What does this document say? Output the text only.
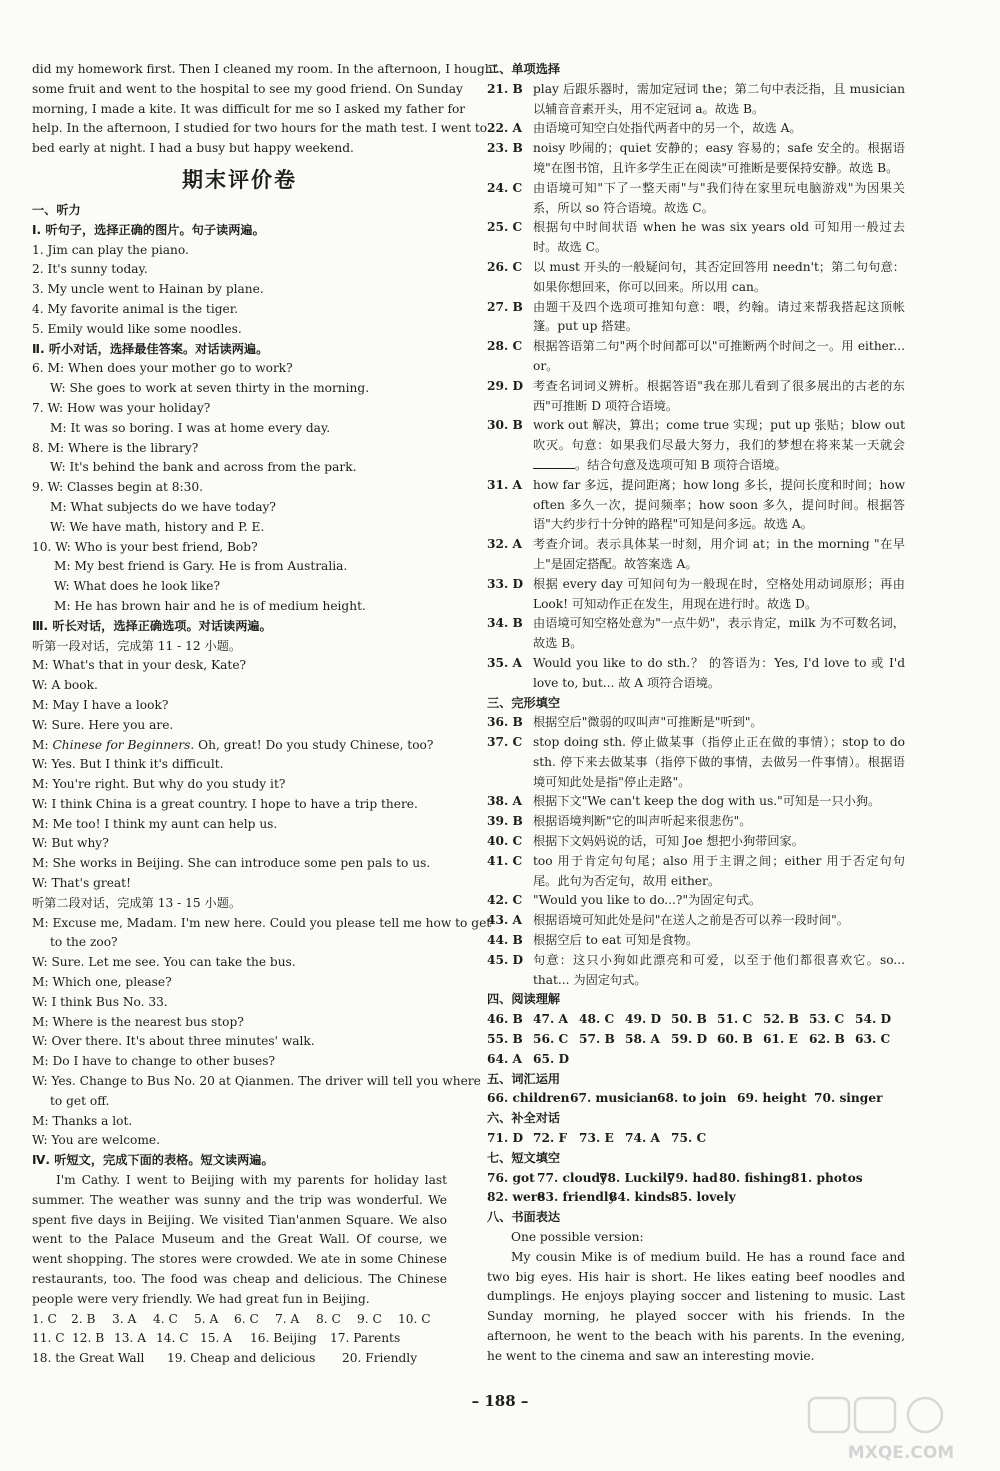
did my homework first. Then I cleaned my room. In the afternoon, I hought
some fruit and went to the hospital to see my good friend. On Sunday
morning, I made a kite. It was difficult for me so I asked my father for
help. In the afternoon, I studied for two hours for the math test. I went to
bed early at night. I had a busy but happy weekend.
期末评价卷
一、听力
Ⅰ. 听句子，选择正确的图片。句子读两遍。
1. Jim can play the piano.
2. It's sunny today.
3. My uncle went to Hainan by plane.
4. My favorite animal is the tiger.
5. Emily would like some noodles.
Ⅱ. 听小对话，选择最佳答案。对话读两遍。
6. M: When does your mother go to work?
W: She goes to work at seven thirty in the morning.
7. W: How was your holiday?
M: It was so boring. I was at home every day.
8. M: Where is the library?
W: It's behind the bank and across from the park.
9. W: Classes begin at 8:30.
M: What subjects do we have today?
W: We have math, history and P. E.
10. W: Who is your best friend, Bob?
M: My best friend is Gary. He is from Australia.
W: What does he look like?
M: He has brown hair and he is of medium height.
Ⅲ. 听长对话，选择正确选项。对话读两遍。
听第一段对话，完成第 11 - 12 小题。
M: What's that in your desk, Kate?
W: A book.
M: May I have a look?
W: Sure. Here you are.
M: Chinese for Beginners. Oh, great! Do you study Chinese, too?
W: Yes. But I think it's difficult.
M: You're right. But why do you study it?
W: I think China is a great country. I hope to have a trip there.
M: Me too! I think my aunt can help us.
W: But why?
M: She works in Beijing. She can introduce some pen pals to us.
W: That's great!
听第二段对话，完成第 13 - 15 小题。
M: Excuse me, Madam. I'm new here. Could you please tell me how to get
to the zoo?
W: Sure. Let me see. You can take the bus.
M: Which one, please?
W: I think Bus No. 33.
M: Where is the nearest bus stop?
W: Over there. It's about three minutes' walk.
M: Do I have to change to other buses?
W: Yes. Change to Bus No. 20 at Qianmen. The driver will tell you where
to get off.
M: Thanks a lot.
W: You are welcome.
Ⅳ. 听短文，完成下面的表格。短文读两遍。
I'm Cathy. I went to Beijing with my parents for holiday last summer. The weather was sunny and the trip was wonderful. We spent five days in Beijing. We visited Tian'anmen Square. We also went to the Palace Museum and the Great Wall. Of course, we went shopping. The stores were crowded. We ate in some Chinese restaurants, too. The food was cheap and delicious. The Chinese people were very friendly. We had great fun in Beijing.
1. C	2. B	3. A	4. C	5. A	6. C	7. A	8. C	9. C	10. C
11. C 12. B 13. A 14. C 15. A	16. Beijing	17. Parents
18. the Great Wall	19. Cheap and delicious	20. Friendly
二、单项选择
21. B play 后跟乐器时，需加定冠词 the；第二句中表泛指，且 musician 以辅音音素开头，用不定冠词 a。故选 B。
22. A 由语境可知空白处指代两者中的另一个，故选 A。
23. B noisy 吵闹的；quiet 安静的；easy 容易的；safe 安全的。根据语境"在图书馆，且许多学生正在阅读"可推断是要保持安静。故选 B。
24. C 由语境可知"下了一整天雨"与"我们待在家里玩电脑游戏"为因果关系，所以 so 符合语境。故选 C。
25. C 根据句中时间状语 when he was six years old 可知用一般过去时。故选 C。
26. C 以 must 开头的一般疑问句，其否定回答用 needn't；第二句句意：如果你想回来，你可以回来。所以用 can。
27. B 由题干及四个选项可推知句意：喂，约翰。请过来帮我搭起这顶帐篷。put up 搭建。
28. C 根据答语第二句"两个时间都可以"可推断两个时间之一。用 either... or。
29. D 考查名词词义辨析。根据答语"我在那儿看到了很多展出的古老的东西"可推断 D 项符合语境。
30. B work out 解决，算出；come true 实现；put up 张贴；blow out 吹灭。句意：如果我们尽最大努力，我们的梦想在将来某一天就会 。结合句意及选项可知 B 项符合语境。
31. A how far 多远，提问距离；how long 多长，提问长度和时间；how often 多久一次，提问频率；how soon 多久，提问时间。根据答语"大约步行十分钟的路程"可知是问多远。故选 A。
32. A 考查介词。表示具体某一时刻，用介词 at；in the morning "在早上"是固定搭配。故答案选 A。
33. D 根据 every day 可知问句为一般现在时，空格处用动词原形；再由 Look! 可知动作正在发生，用现在进行时。故选 D。
34. B 由语境可知空格处意为"一点牛奶"，表示肯定，milk 为不可数名词，故选 B。
35. A Would you like to do sth.？ 的答语为：Yes, I'd love to 或 I'd love to, but... 故 A 项符合语境。
三、完形填空
36. B 根据空后"微弱的叹叫声"可推断是"听到"。
37. C stop doing sth. 停止做某事（指停止正在做的事情）；stop to do sth. 停下来去做某事（指停下做的事情，去做另一件事情）。根据语境可知此处是指"停止走路"。
38. A 根据下文"We can't keep the dog with us."可知是一只小狗。
39. B 根据语境判断"它的叫声听起来很悲伤"。
40. C 根据下文妈妈说的话，可知 Joe 想把小狗带回家。
41. C too 用于肯定句句尾；also 用于主谓之间；either 用于否定句句尾。此句为否定句，故用 either。
42. C "Would you like to do...?"为固定句式。
43. A 根据语境可知此处是问"在送人之前是否可以养一段时间"。
44. B 根据空后 to eat 可知是食物。
45. D 句意：这只小狗如此漂亮和可爱，以至于他们都很喜欢它。so... that... 为固定句式。
四、阅读理解
46. B 47. A 48. C 49. D 50. B 51. C 52. B 53. C 54. D
55. B 56. C 57. B 58. A 59. D 60. B 61. E 62. B 63. C
64. A 65. D
五、词汇运用
66. children 67. musician 68. to join 69. height 70. singer
六、补全对话
71. D 72. F 73. E 74. A 75. C
七、短文填空
76. got 77. cloudy
78. Luckily
79. had 80. fishing 81. photos
82. were
83. friendly
84. kinds 85. lovely
八、书面表达
One possible version:
My cousin Mike is of medium build. He has a round face and two big eyes. His hair is short. He likes eating beef noodles and dumplings. He enjoys playing soccer and listening to music. Last Sunday morning, he played soccer with his friends. In the afternoon, he went to the beach with his parents. In the evening, he went to the cinema and saw an interesting movie.
– 188 –
MXQE.COM
